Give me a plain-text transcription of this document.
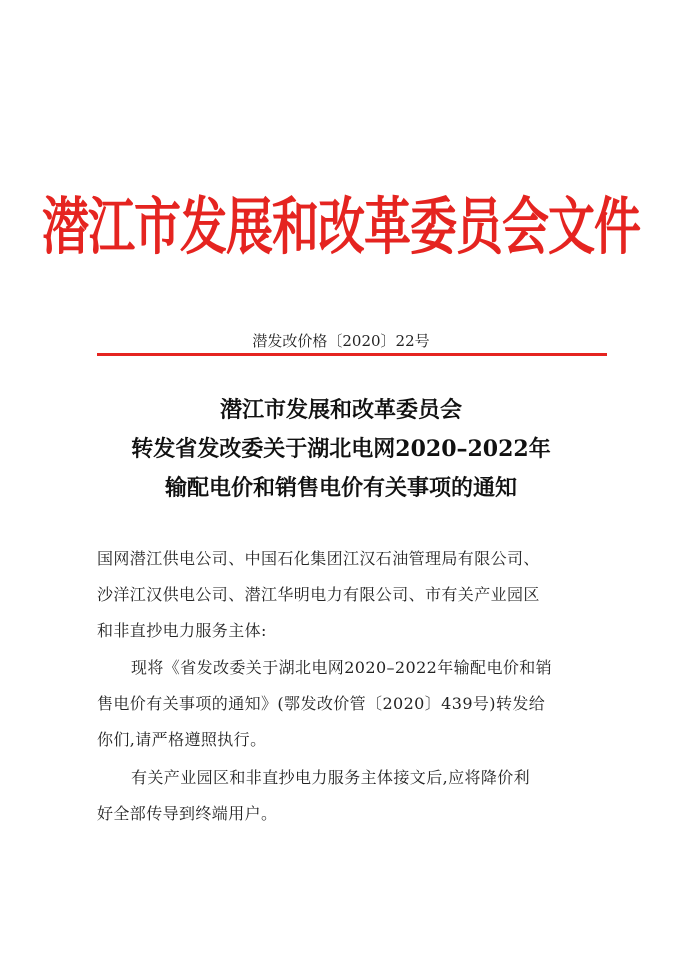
潜江市发展和改革委员会文件
潜发改价格〔2020〕22号
潜江市发展和改革委员会
转发省发改委关于湖北电网2020–2022年
输配电价和销售电价有关事项的通知
国网潜江供电公司、中国石化集团江汉石油管理局有限公司、
沙洋江汉供电公司、潜江华明电力有限公司、市有关产业园区
和非直抄电力服务主体:
现将《省发改委关于湖北电网2020–2022年输配电价和销
售电价有关事项的通知》(鄂发改价管〔2020〕439号)转发给
你们,请严格遵照执行。
有关产业园区和非直抄电力服务主体接文后,应将降价利
好全部传导到终端用户。
